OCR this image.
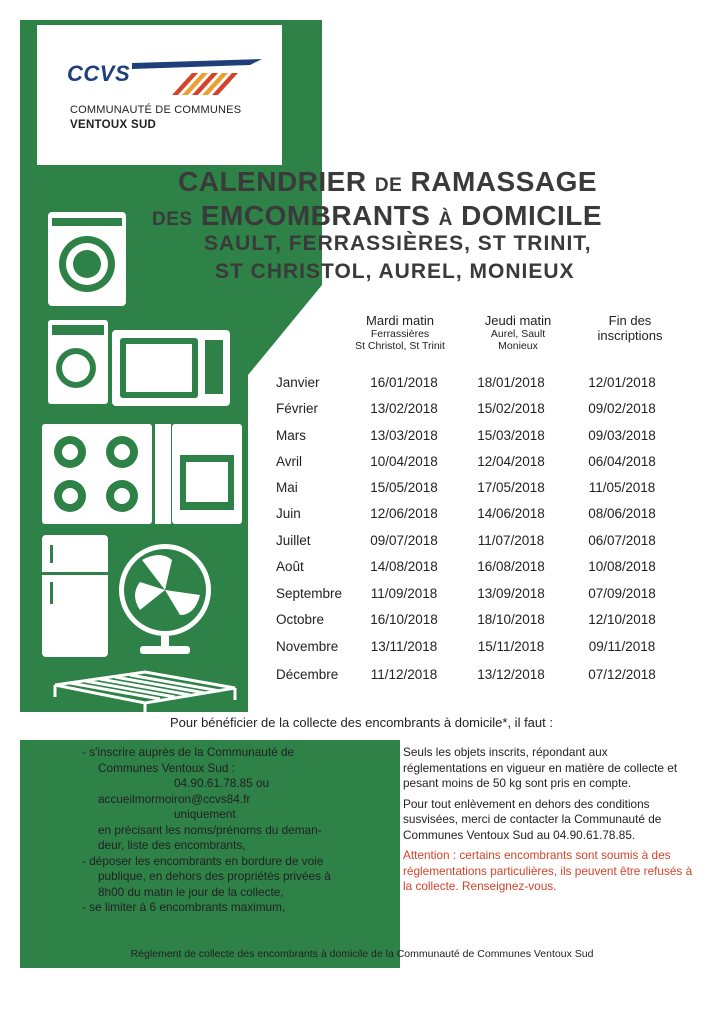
CCVS
COMMUNAUTÉ DE COMMUNES
VENTOUX SUD
CALENDRIER DE RAMASSAGE
DES EMCOMBRANTS À DOMICILE
SAULT, FERRASSIÈRES, ST TRINIT,
ST CHRISTOL, AUREL, MONIEUX
Mardi matin
Ferrassières
St Christol, St Trinit
Jeudi matin
Aurel, Sault
Monieux
Fin des
inscriptions
Janvier	16/01/2018	18/01/2018	12/01/2018
Février	13/02/2018	15/02/2018	09/02/2018
Mars	13/03/2018	15/03/2018	09/03/2018
Avril	10/04/2018	12/04/2018	06/04/2018
Mai	15/05/2018	17/05/2018	11/05/2018
Juin	12/06/2018	14/06/2018	08/06/2018
Juillet	09/07/2018	11/07/2018	06/07/2018
Août	14/08/2018	16/08/2018	10/08/2018
Septembre	11/09/2018	13/09/2018	07/09/2018
Octobre	16/10/2018	18/10/2018	12/10/2018
Novembre	13/11/2018	15/11/2018	09/11/2018
Décembre	11/12/2018	13/12/2018	07/12/2018
Pour bénéficier de la collecte des encombrants à domicile*, il faut :
- s'inscrire auprès de la Communauté de
Communes Ventoux Sud :
04.90.61.78.85 ou
accueilmormoiron@ccvs84.fr
uniquement
en précisant les noms/prénoms du deman-
deur, liste des encombrants,
- déposer les encombrants en bordure de voie
publique, en dehors des propriétés privées à
8h00 du matin le jour de la collecte,
- se limiter à 6 encombrants maximum,

Seuls les objets inscrits, répondant aux réglementations en vigueur en matière de collecte et pesant moins de 50 kg sont pris en compte.

Pour tout enlèvement en dehors des conditions susvisées, merci de contacter la Communauté de Communes Ventoux Sud au 04.90.61.78.85.

Attention : certains encombrants sont soumis à des réglementations particulières, ils peuvent être refusés à la collecte. Renseignez-vous.

Règlement de collecte des encombrants à domicile de la Communauté de Communes Ventoux Sud
